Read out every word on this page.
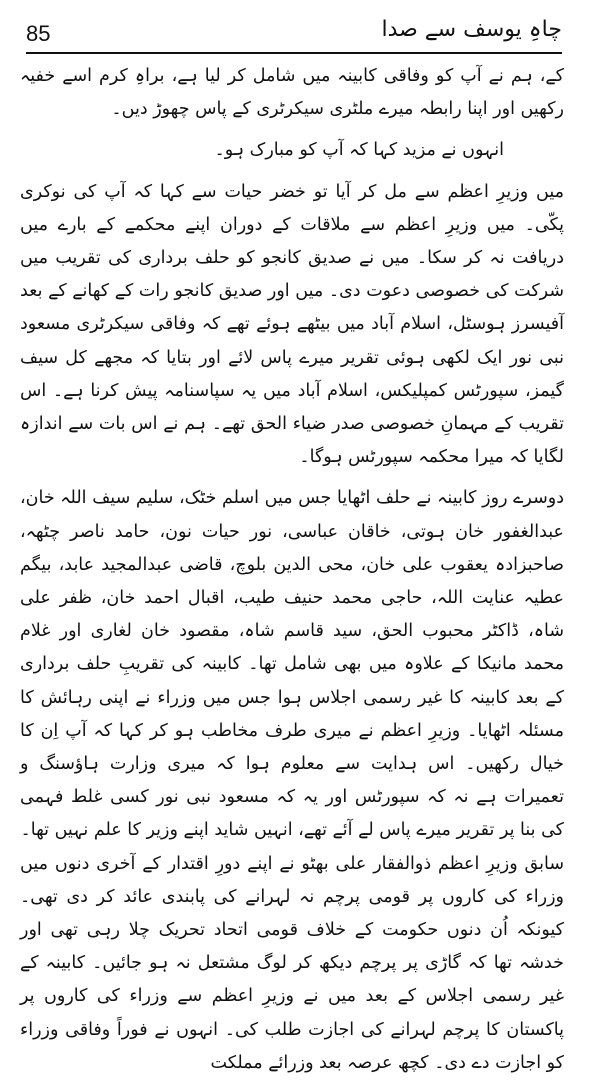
85	چاہِ یوسف سے صدا

کے، ہم نے آپ کو وفاقی کابینہ میں شامل کر لیا ہے، براہِ کرم اسے خفیہ رکھیں اور اپنا رابطہ میرے ملٹری سیکرٹری کے پاس چھوڑ دیں۔

انہوں نے مزید کہا کہ آپ کو مبارک ہو۔

میں وزیرِ اعظم سے مل کر آیا تو خضر حیات سے کہا کہ آپ کی نوکری پکّی۔ میں وزیرِ اعظم سے ملاقات کے دوران اپنے محکمے کے بارے میں دریافت نہ کر سکا۔ میں نے صدیق کانجو کو حلف برداری کی تقریب میں شرکت کی خصوصی دعوت دی۔ میں اور صدیق کانجو رات کے کھانے کے بعد آفیسرز ہوسٹل، اسلام آباد میں بیٹھے ہوئے تھے کہ وفاقی سیکرٹری مسعود نبی نور ایک لکھی ہوئی تقریر میرے پاس لائے اور بتایا کہ مجھے کل سیف گیمز، سپورٹس کمپلیکس، اسلام آباد میں یہ سپاسنامہ پیش کرنا ہے۔ اس تقریب کے مہمانِ خصوصی صدر ضیاء الحق تھے۔ ہم نے اس بات سے اندازہ لگایا کہ میرا محکمہ سپورٹس ہوگا۔

دوسرے روز کابینہ نے حلف اٹھایا جس میں اسلم خٹک، سلیم سیف اللہ خان، عبدالغفور خان ہوتی، خاقان عباسی، نور حیات نون، حامد ناصر چٹھہ، صاحبزادہ یعقوب علی خان، محی الدین بلوچ، قاضی عبدالمجید عابد، بیگم عطیہ عنایت اللہ، حاجی محمد حنیف طیب، اقبال احمد خان، ظفر علی شاہ، ڈاکٹر محبوب الحق، سید قاسم شاہ، مقصود خان لغاری اور غلام محمد مانیکا کے علاوہ میں بھی شامل تھا۔ کابینہ کی تقریبِ حلف برداری کے بعد کابینہ کا غیر رسمی اجلاس ہوا جس میں وزراء نے اپنی رہائش کا مسئلہ اٹھایا۔ وزیرِ اعظم نے میری طرف مخاطب ہو کر کہا کہ آپ اِن کا خیال رکھیں۔ اس ہدایت سے معلوم ہوا کہ میری وزارت ہاؤسنگ و تعمیرات ہے نہ کہ سپورٹس اور یہ کہ مسعود نبی نور کسی غلط فہمی کی بنا پر تقریر میرے پاس لے آئے تھے، انہیں شاید اپنے وزیر کا علم نہیں تھا۔

سابق وزیرِ اعظم ذوالفقار علی بھٹو نے اپنے دورِ اقتدار کے آخری دنوں میں وزراء کی کاروں پر قومی پرچم نہ لہرانے کی پابندی عائد کر دی تھی۔ کیونکہ اُن دنوں حکومت کے خلاف قومی اتحاد تحریک چلا رہی تھی اور خدشہ تھا کہ گاڑی پر پرچم دیکھ کر لوگ مشتعل نہ ہو جائیں۔ کابینہ کے غیر رسمی اجلاس کے بعد میں نے وزیرِ اعظم سے وزراء کی کاروں پر پاکستان کا پرچم لہرانے کی اجازت طلب کی۔ انہوں نے فوراً وفاقی وزراء کو اجازت دے دی۔ کچھ عرصہ بعد وزرائے مملکت
